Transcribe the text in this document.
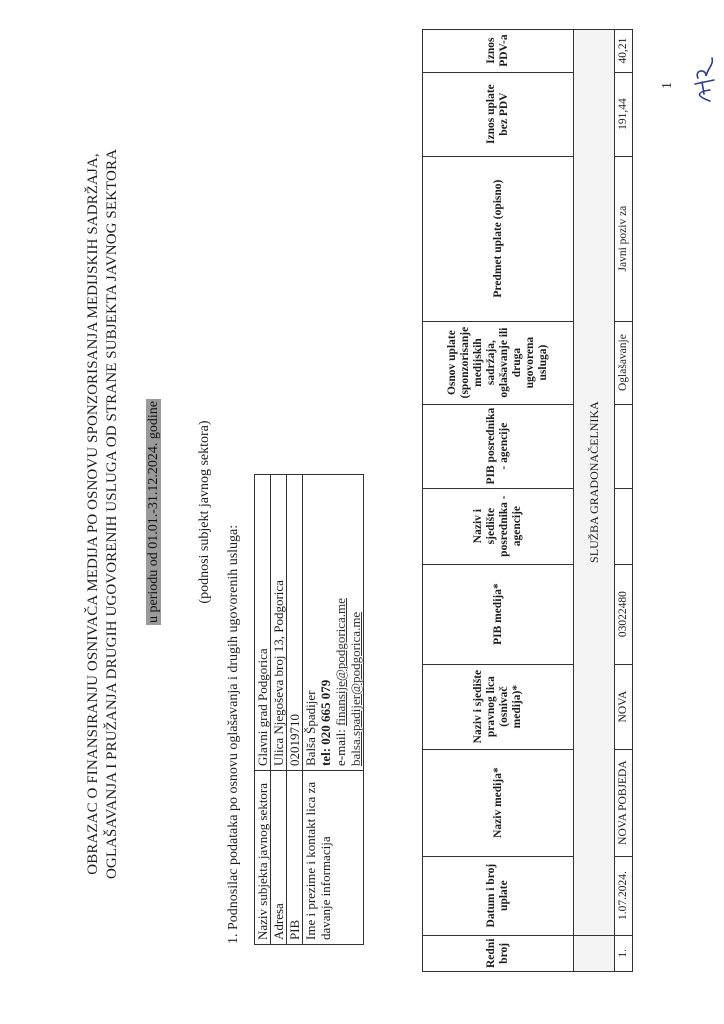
OBRAZAC O FINANSIRANJU OSNIVAČA MEDIJA PO OSNOVU SPONZORISANJA MEDIJSKIH SADRŽAJA, OGLAŠAVANJA I PRUŽANJA DRUGIH UGOVORENIH USLUGA OD STRANE SUBJEKTA JAVNOG SEKTORA u periodu od 01.01.-31.12.2024. godine	(podnosi subjekt javnog sektora)
1. Podnosilac podataka po osnovu oglašavanja i drugih ugovorenih usluga: Naziv subjekta javnog sektora	Glavni grad Podgorica
Adresa	Ulica Njegoševa broj 13, Podgorica
PIB	02019710
Ime i prezime i kontakt lica za davanje informacija	Balša Špadijer tel: 020 665 079 e-mail: finansije@podgorica.me balsa.spadijer@podgorica.me
Redni broj	Datum i broj uplate	Naziv medija*	Naziv i sjedište pravnog lica (osnivač medija)*	PIB medija*	Naziv i sjedište posrednika -agencije	PIB posrednika - agencije	Osnov uplate (sponzorisanje medijskih sadržaja, oglašavanje ili druga ugovorena usluga)	Predmet uplate (opisno)	Iznos uplate bez PDV	Iznos PDV-a
	SLUŽBA GRADONAČELNIKA									
1.	1.07.2024.	NOVA POBJEDA	NOVA	03022480			Oglašavanje	Javni poziv za	191,44	40,21
1
